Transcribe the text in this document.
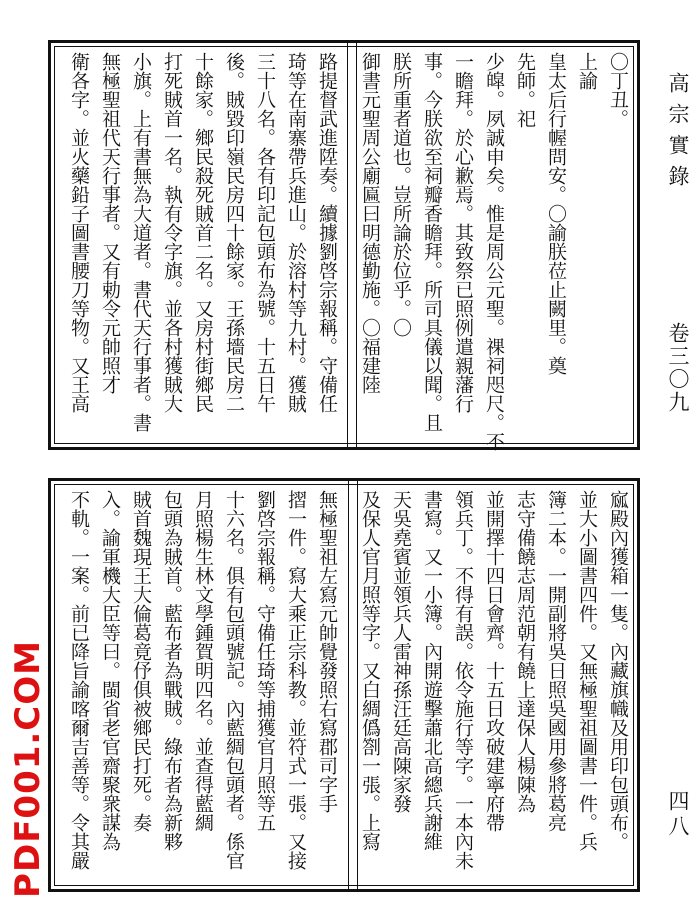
〇丁丑。
上諭
皇太后行幄問安。〇諭朕莅止闕里。奠
先師。祀
少皡。夙誠申矣。惟是周公元聖。祼祠咫尺。不
一瞻拜。於心歉焉。其致祭已照例遣親藩行
事。今朕欲至祠瓣香瞻拜。所司具儀以聞。且
朕所重者道也。豈所論於位乎。〇
御書元聖周公廟匾曰明德勤施。〇福建陸
路提督武進陞奏。續據劉啓宗報稱。守備任
琦等在南寨帶兵進山。於溶村等九村。獲賊
三十八名。各有印記包頭布為號。十五日午
後。賊毀印嶺民房四十餘家。王孫墻民房二
十餘家。鄉民殺死賊首二名。又房村街鄉民
打死賊首一名。執有令字旗。並各村獲賊大
小旗。上有書無為大道者。書代天行事者。書
無極聖祖代天行事者。又有勅令元帥照才
衛各字。並火藥鉛子圖書腰刀等物。又王高
寙殿內獲箱一隻。內藏旗幟及用印包頭布。
並大小圖書四件。又無極聖祖圖書一件。兵
簿二本。一開副將吳日照吳國用參將葛亮
志守備饒志周范朝有饒上達保人楊陳為
並開擇十四日會齊。十五日攻破建寧府帶
領兵丁。不得有誤。依令施行等字。一本內未
書寫。又一小簿。內開遊擊蕭北高總兵謝維
天吳堯賓並領兵人雷神孫汪廷高陳家發
及保人官月照等字。又白綢僞劄一張。上寫
無極聖祖左寫元帥覺發照右寫郡司字手
摺一件。寫大乘正宗科教。並符式一張。又接
劉啓宗報稱。守備任琦等捕獲官月照等五
十六名。俱有包頭號記。內藍綢包頭者。係官
月照楊生林文學鍾賀明四名。並查得藍綢
包頭為賊首。藍布者為戰賊。綠布者為新夥
賊首魏現王大倫葛竟伃俱被鄉民打死。奏
入。諭軍機大臣等曰。閩省老官齋聚衆謀為
不軌。一案。前已降旨諭喀爾吉善等。令其嚴
高宗實錄
卷三〇九
四八
PDF001.COM
